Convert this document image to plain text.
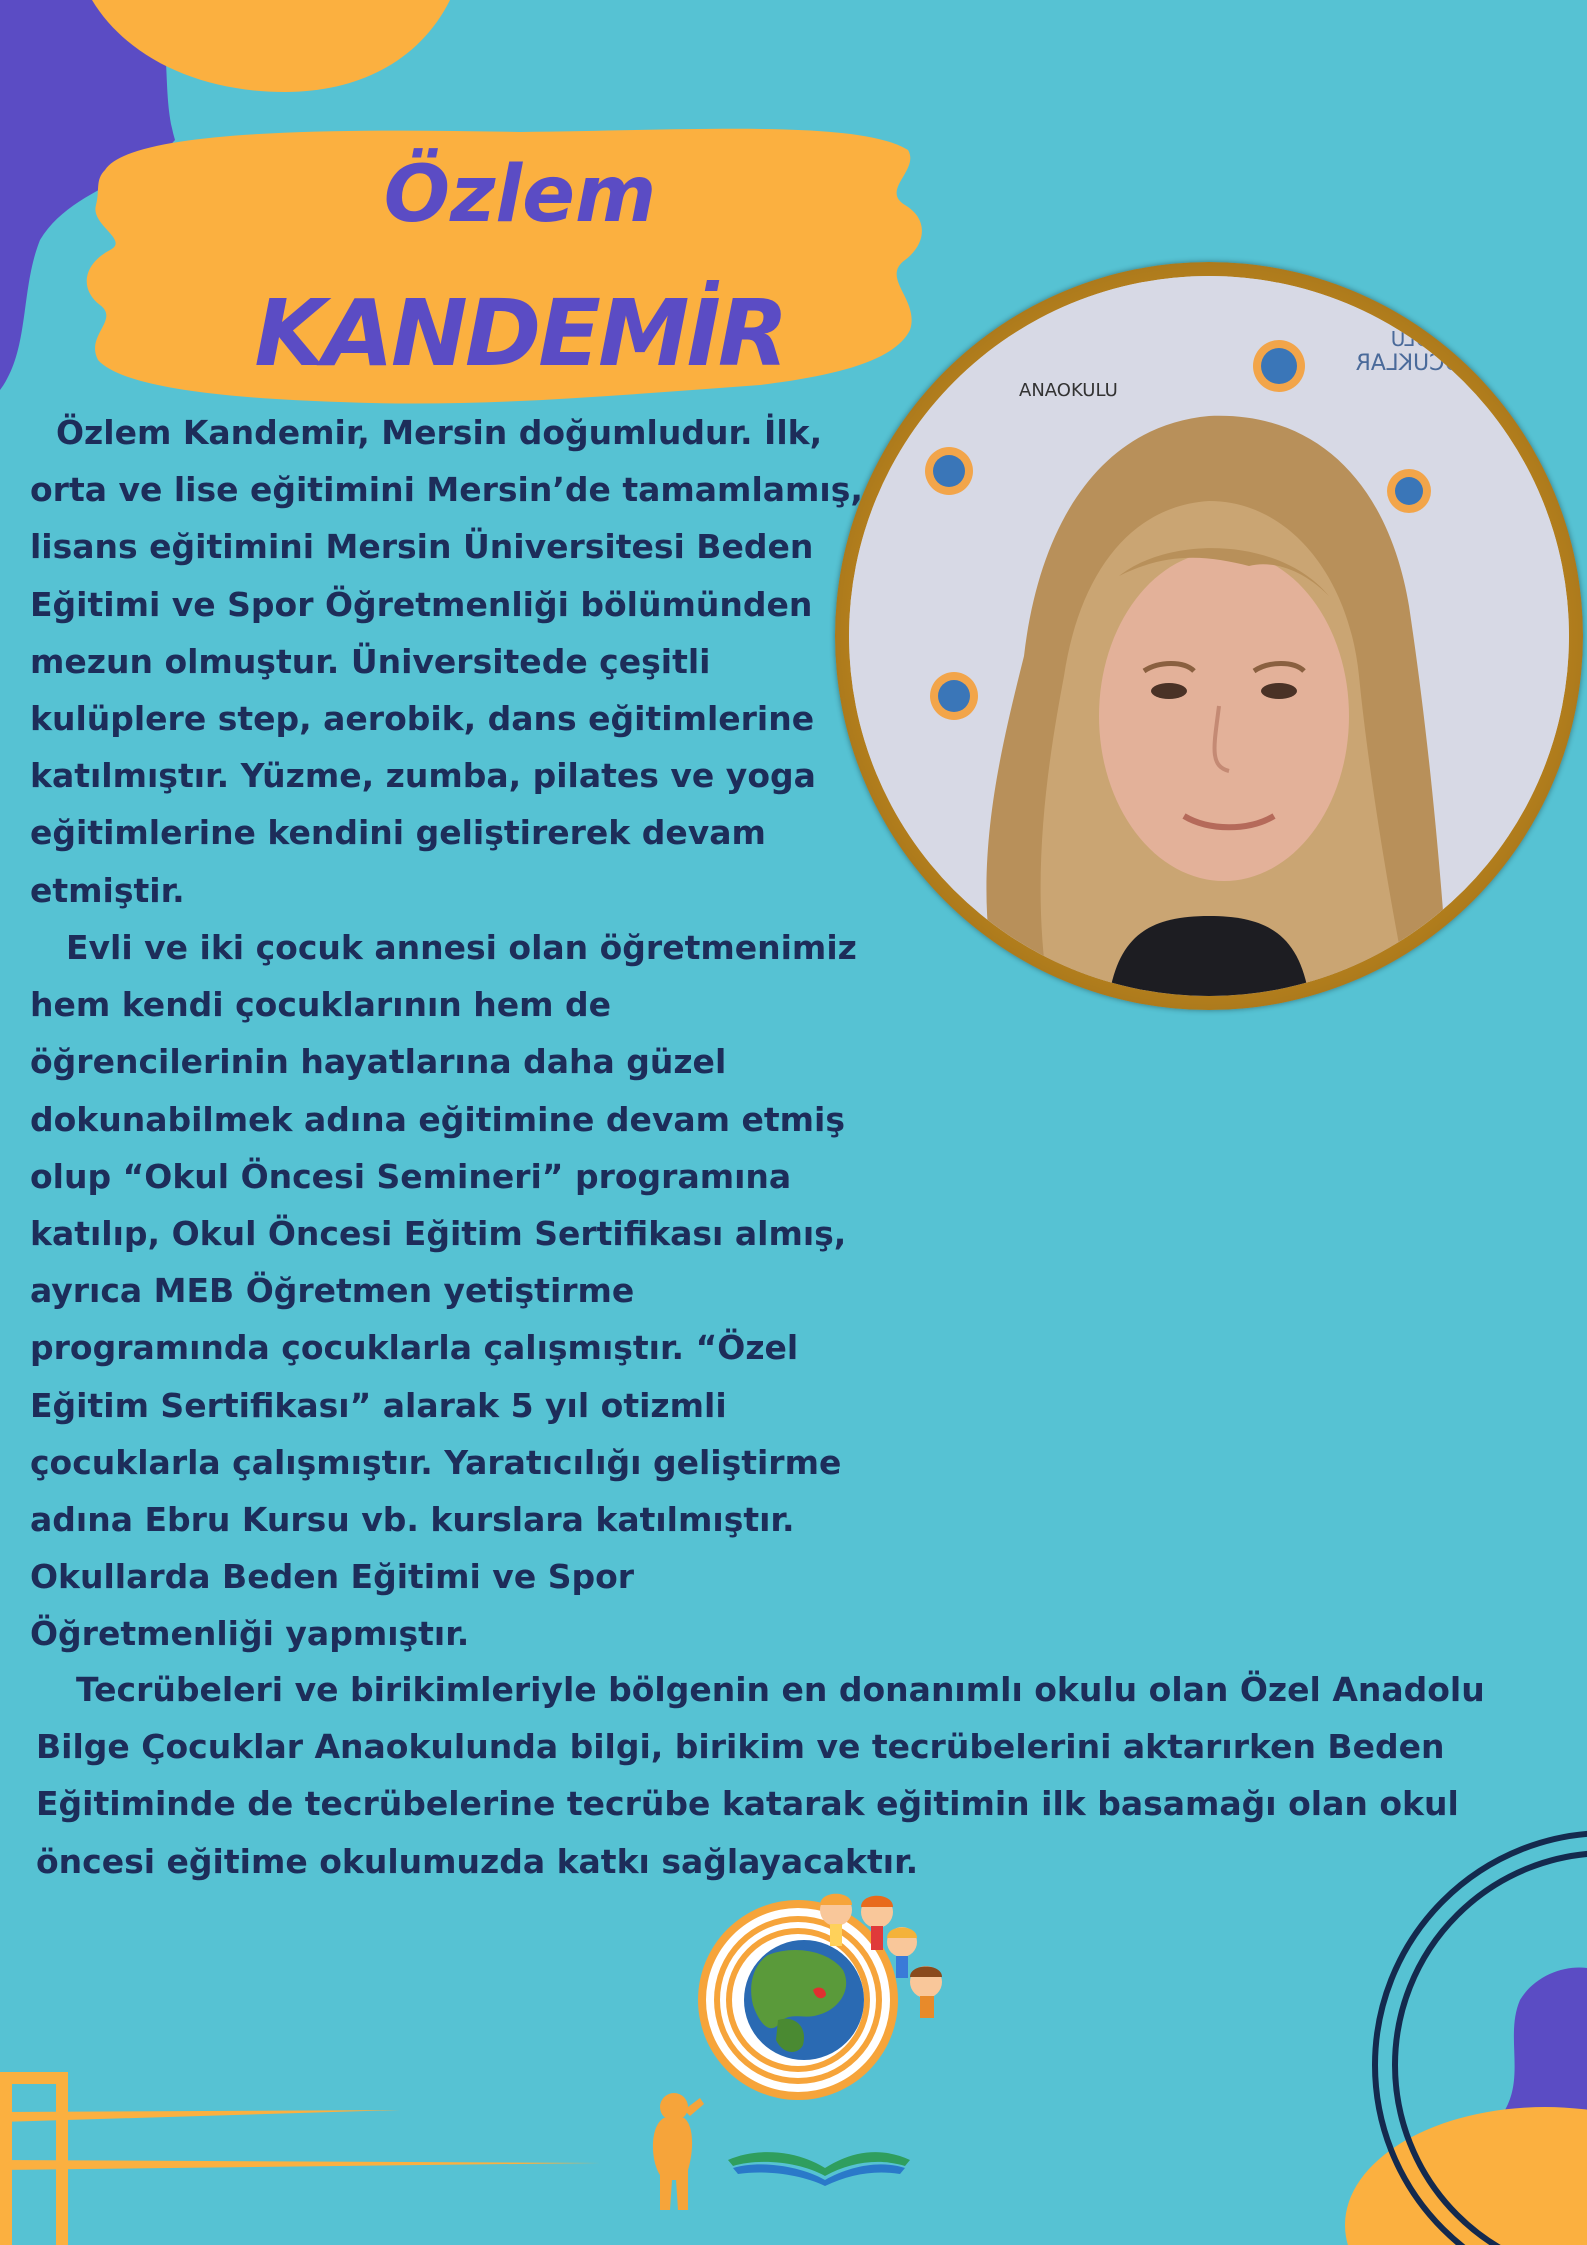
Özlem
KANDEMİR	ANADOLU
BİLGE ÇOCUKLAR
ANAOKULU
Özlem Kandemir, Mersin doğumludur. İlk,
orta ve lise eğitimini Mersin’de tamamlamış,
lisans eğitimini Mersin Üniversitesi Beden
Eğitimi ve Spor Öğretmenliği bölümünden
mezun olmuştur. Üniversitede çeşitli
kulüplere step, aerobik, dans eğitimlerine
katılmıştır. Yüzme, zumba, pilates ve yoga
eğitimlerine kendini geliştirerek devam
etmiştir.
Evli ve iki çocuk annesi olan öğretmenimiz
hem kendi çocuklarının hem de
öğrencilerinin hayatlarına daha güzel
dokunabilmek adına eğitimine devam etmiş
olup “Okul Öncesi Semineri” programına
katılıp, Okul Öncesi Eğitim Sertifikası almış,
ayrıca MEB Öğretmen yetiştirme
programında çocuklarla çalışmıştır. “Özel
Eğitim Sertifikası” alarak 5 yıl otizmli
çocuklarla çalışmıştır. Yaratıcılığı geliştirme
adına Ebru Kursu vb. kurslara katılmıştır.
Okullarda Beden Eğitimi ve Spor
Öğretmenliği yapmıştır.
Tecrübeleri ve birikimleriyle bölgenin en donanımlı okulu olan Özel Anadolu
Bilge Çocuklar Anaokulunda bilgi, birikim ve tecrübelerini aktarırken Beden
Eğitiminde de tecrübelerine tecrübe katarak eğitimin ilk basamağı olan okul
öncesi eğitime okulumuzda katkı sağlayacaktır.
